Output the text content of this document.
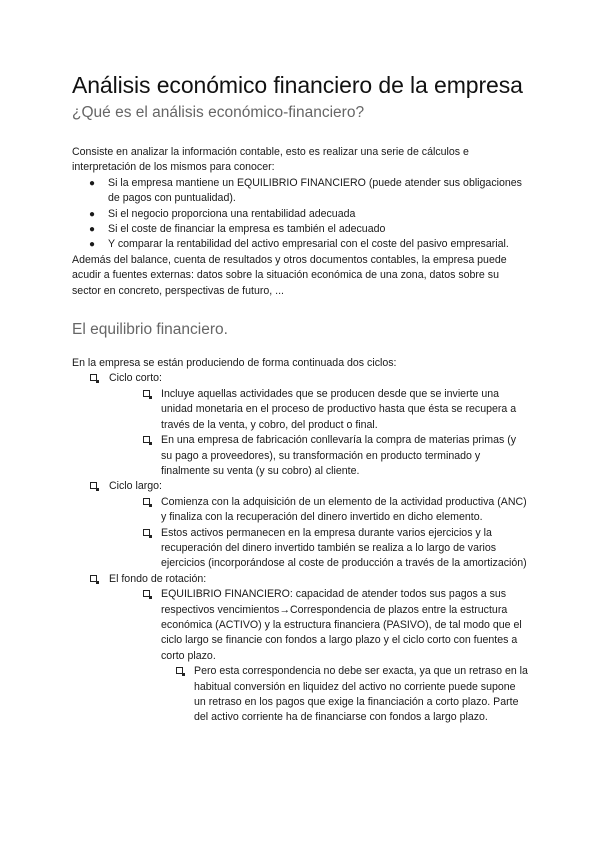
Análisis económico financiero de la empresa
¿Qué es el análisis económico-financiero?

Consiste en analizar la información contable, esto es realizar una serie de cálculos e interpretación de los mismos para conocer:

● Si la empresa mantiene un EQUILIBRIO FINANCIERO (puede atender sus obligaciones de pagos con puntualidad).
● Si el negocio proporciona una rentabilidad adecuada
● Si el coste de financiar la empresa es también el adecuado
● Y comparar la rentabilidad del activo empresarial con el coste del pasivo empresarial.

Además del balance, cuenta de resultados y otros documentos contables, la empresa puede acudir a fuentes externas: datos sobre la situación económica de una zona, datos sobre su sector en concreto, perspectivas de futuro, ...

El equilibrio financiero.

En la empresa se están produciendo de forma continuada dos ciclos:

Ciclo corto:
Incluye aquellas actividades que se producen desde que se invierte una unidad monetaria en el proceso de productivo hasta que ésta se recupera a través de la venta, y cobro, del product o final.
En una empresa de fabricación conllevaría la compra de materias primas (y su pago a proveedores), su transformación en producto terminado y finalmente su venta (y su cobro) al cliente.
Ciclo largo:
Comienza con la adquisición de un elemento de la actividad productiva (ANC) y finaliza con la recuperación del dinero invertido en dicho elemento.
Estos activos permanecen en la empresa durante varios ejercicios y la recuperación del dinero invertido también se realiza a lo largo de varios ejercicios (incorporándose al coste de producción a través de la amortización)
El fondo de rotación:
EQUILIBRIO FINANCIERO: capacidad de atender todos sus pagos a sus respectivos vencimientos→Correspondencia de plazos entre la estructura económica (ACTIVO) y la estructura financiera (PASIVO), de tal modo que el ciclo largo se financie con fondos a largo plazo y el ciclo corto con fuentes a corto plazo.
Pero esta correspondencia no debe ser exacta, ya que un retraso en la habitual conversión en liquidez del activo no corriente puede supone un retraso en los pagos que exige la financiación a corto plazo. Parte del activo corriente ha de financiarse con fondos a largo plazo.
